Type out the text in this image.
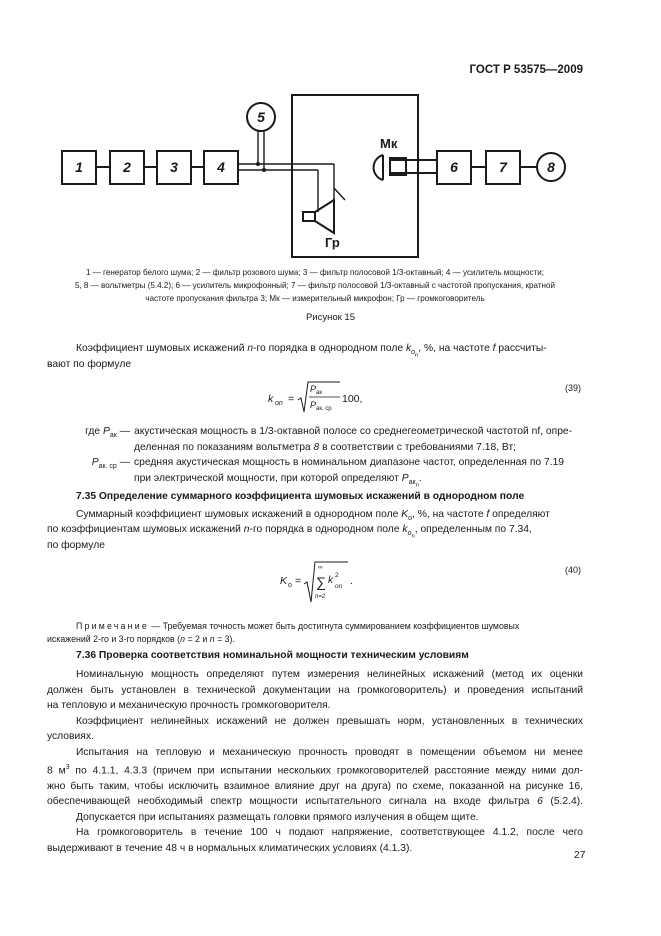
ГОСТ Р 53575—2009
1	2	3	4
5
6	7	8
Мк
Гр
1 — генератор белого шума; 2 — фильтр розового шума; 3 — фильтр полосовой 1/3-октавный; 4 — усилитель мощности;
5, 8 — вольтметры (5.4.2); 6 — усилитель микрофонный; 7 — фильтр полосовой 1/3-октавный с частотой пропускания, кратной
частоте пропускания фильтра 3; Мк — измерительный микрофон; Гр — громкоговоритель
Рисунок 15
Коэффициент шумовых искажений n-го порядка в однородном поле $k_{o_n}$, %, на частоте f рассчиты-
вают по формуле
k on =
P ак
P ак. ср
100,
(39)
где $P_{ак}$ —	акустическая мощность в 1/3-октавной полосе со среднегеометрической частотой nf, опре-
деленная по показаниям вольтметра 8 в соответствии с требованиями 7.18, Вт;
$P_{ак. ср}$ —	средняя акустическая мощность в номинальном диапазоне частот, определенная по 7.19
при электрической мощности, при которой определяют $P_{ак_n}$.
7.35 Определение суммарного коэффициента шумовых искажений в однородном поле
Суммарный коэффициент шумовых искажений в однородном поле $K_o$, %, на частоте f определяют
по коэффициентам шумовых искажений n-го порядка в однородном поле $k_{o_n}$, определенным по 7.34,
по формуле
K o =
∞
∑
n=2
k 2
on .
(40)
Примечание — Требуемая точность может быть достигнута суммированием коэффициентов шумовых
искажений 2-го и 3-го порядков (n = 2 и n = 3).
7.36 Проверка соответствия номинальной мощности техническим условиям
Номинальную мощность определяют путем измерения нелинейных искажений (метод их оценки
должен быть установлен в технической документации на громкоговоритель) и проведения испытаний
на тепловую и механическую прочность громкоговорителя.
Коэффициент нелинейных искажений не должен превышать норм, установленных в технических
условиях.
Испытания на тепловую и механическую прочность проводят в помещении объемом ни менее
8 $м^3$ по 4.1.1, 4.3.3 (причем при испытании нескольких громкоговорителей расстояние между ними дол-
жно быть таким, чтобы исключить взаимное влияние друг на друга) по схеме, показанной на рисунке 16,
обеспечивающей необходимый спектр мощности испытательного сигнала на входе фильтра 6 (5.2.4).
Допускается при испытаниях размещать головки прямого излучения в общем щите.
На громкоговоритель в течение 100 ч подают напряжение, соответствующее 4.1.2, после чего
выдерживают в течение 48 ч в нормальных климатических условиях (4.1.3).
27
